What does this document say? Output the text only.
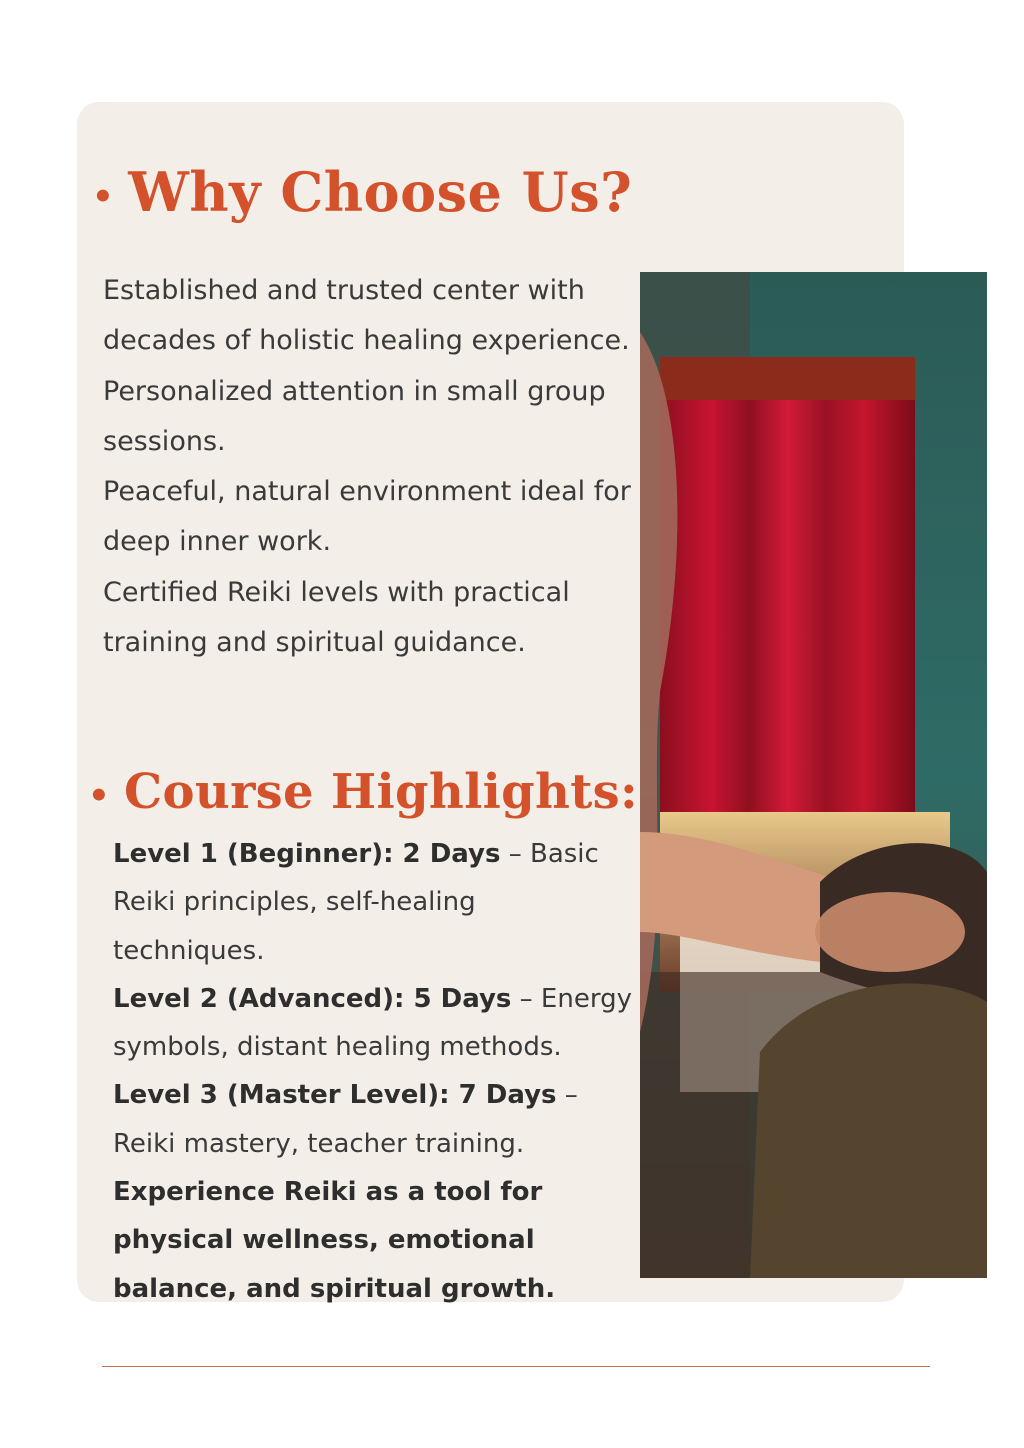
• Why Choose Us?

Established and trusted center with decades of holistic healing experience.

Personalized attention in small group sessions.

Peaceful, natural environment ideal for deep inner work.

Certified Reiki levels with practical training and spiritual guidance.

• Course Highlights:

Level 1 (Beginner): 2 Days – Basic Reiki principles, self-healing techniques.

Level 2 (Advanced): 5 Days – Energy symbols, distant healing methods.

Level 3 (Master Level): 7 Days – Reiki mastery, teacher training.

Experience Reiki as a tool for physical wellness, emotional balance, and spiritual growth.
